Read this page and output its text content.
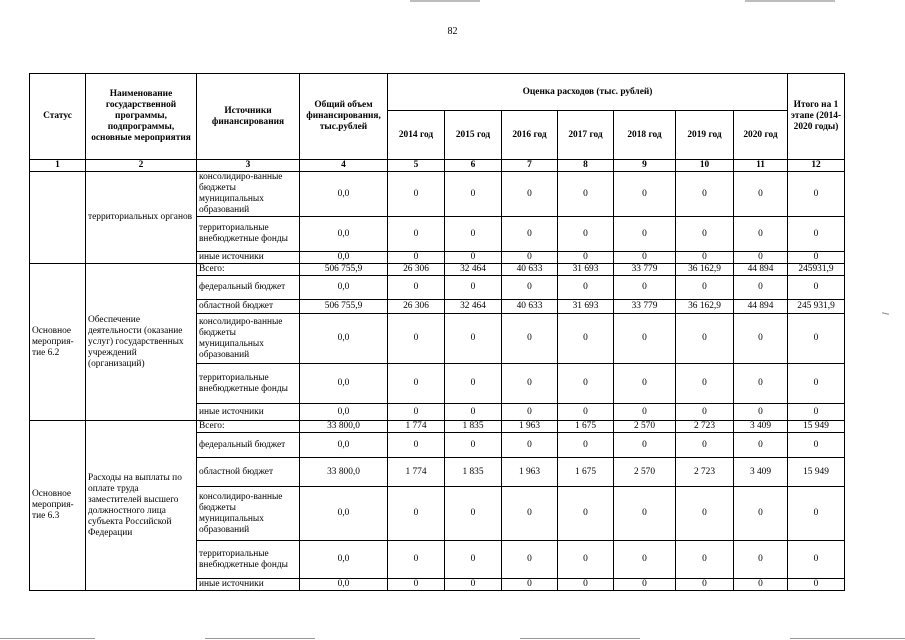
82
Статус	Наименование государственной программы, подпрограммы, основные мероприятия	Источники финансирования	Общий объем финансирования, тыс.рублей	Оценка расходов (тыс. рублей)							Итого на 1 этапе (2014-2020 годы)
				2014 год	2015 год	2016 год	2017 год	2018 год	2019 год	2020 год	
1	2	3	4	5	6	7	8	9	10	11	12
	территориальных органов	консолидиро-ванные бюджеты муниципальных образований	0,0	0	0	0	0	0	0	0	0
		территориальные внебюджетные фонды	0,0	0	0	0	0	0	0	0	0
		иные источники	0,0	0	0	0	0	0	0	0	0
Основное мероприя-тие 6.2	Обеспечение деятельности (оказание услуг) государственных учреждений (организаций)	Всего:	506 755,9	26 306	32 464	40 633	31 693	33 779	36 162,9	44 894	245931,9
		федеральный бюджет	0,0	0	0	0	0	0	0	0	0
		областной бюджет	506 755,9	26 306	32 464	40 633	31 693	33 779	36 162,9	44 894	245 931,9
		консолидиро-ванные бюджеты муниципальных образований	0,0	0	0	0	0	0	0	0	0
		территориальные внебюджетные фонды	0,0	0	0	0	0	0	0	0	0
		иные источники	0,0	0	0	0	0	0	0	0	0
Основное мероприя-тие 6.3	Расходы на выплаты по оплате труда заместителей высшего должностного лица субъекта Российской Федерации	Всего:	33 800,0	1 774	1 835	1 963	1 675	2 570	2 723	3 409	15 949
		федеральный бюджет	0,0	0	0	0	0	0	0	0	0
		областной бюджет	33 800,0	1 774	1 835	1 963	1 675	2 570	2 723	3 409	15 949
		консолидиро-ванные бюджеты муниципальных образований	0,0	0	0	0	0	0	0	0	0
		территориальные внебюджетные фонды	0,0	0	0	0	0	0	0	0	0
		иные источники	0,0	0	0	0	0	0	0	0	0
